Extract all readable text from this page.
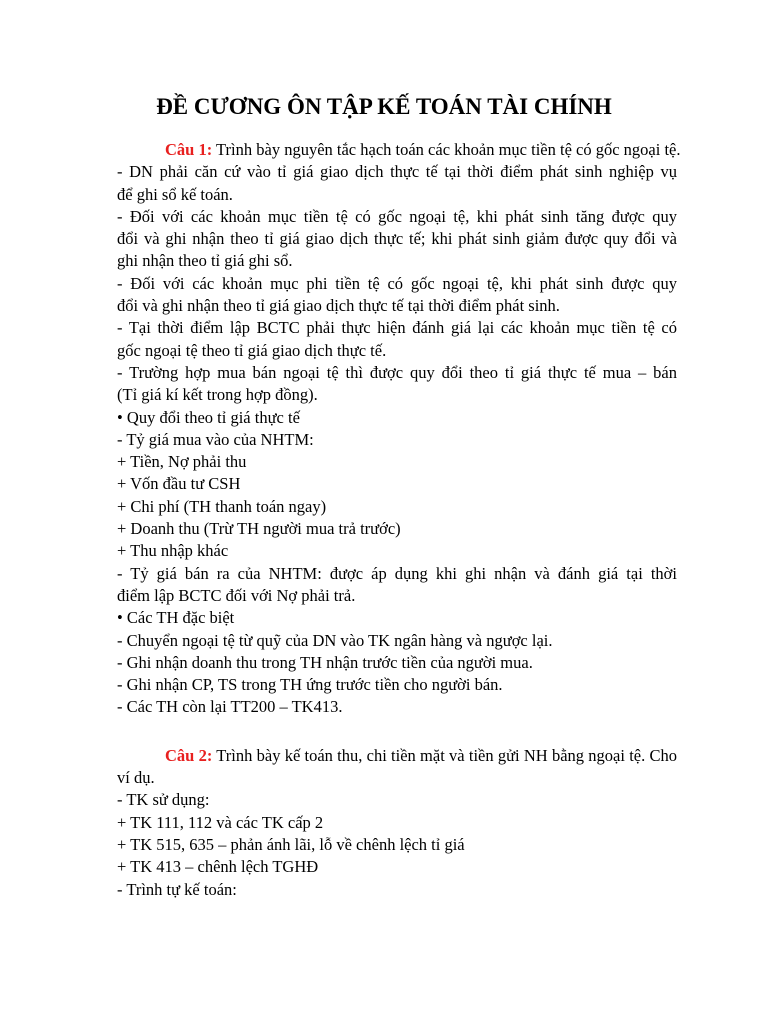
ĐỀ CƯƠNG ÔN TẬP KẾ TOÁN TÀI CHÍNH
Câu 1: Trình bày nguyên tắc hạch toán các khoản mục tiền tệ có gốc ngoại tệ.
- DN phải căn cứ vào tỉ giá giao dịch thực tế tại thời điểm phát sinh nghiệp vụ
để ghi sổ kế toán.
- Đối với các khoản mục tiền tệ có gốc ngoại tệ, khi phát sinh tăng được quy
đổi và ghi nhận theo tỉ giá giao dịch thực tế; khi phát sinh giảm được quy đổi và
ghi nhận theo tỉ giá ghi sổ.
- Đối với các khoản mục phi tiền tệ có gốc ngoại tệ, khi phát sinh được quy
đổi và ghi nhận theo tỉ giá giao dịch thực tế tại thời điểm phát sinh.
- Tại thời điểm lập BCTC phải thực hiện đánh giá lại các khoản mục tiền tệ có
gốc ngoại tệ theo tỉ giá giao dịch thực tế.
- Trường hợp mua bán ngoại tệ thì được quy đổi theo tỉ giá thực tế mua – bán
(Tỉ giá kí kết trong hợp đồng).
• Quy đổi theo tỉ giá thực tế
- Tỷ giá mua vào của NHTM:
+ Tiền, Nợ phải thu
+ Vốn đầu tư CSH
+ Chi phí (TH thanh toán ngay)
+ Doanh thu (Trừ TH người mua trả trước)
+ Thu nhập khác
- Tỷ giá bán ra của NHTM: được áp dụng khi ghi nhận và đánh giá tại thời
điểm lập BCTC đối với Nợ phải trả.
• Các TH đặc biệt
- Chuyển ngoại tệ từ quỹ của DN vào TK ngân hàng và ngược lại.
- Ghi nhận doanh thu trong TH nhận trước tiền của người mua.
- Ghi nhận CP, TS trong TH ứng trước tiền cho người bán.
- Các TH còn lại TT200 – TK413.
Câu 2: Trình bày kế toán thu, chi tiền mặt và tiền gửi NH bằng ngoại tệ. Cho
ví dụ.
- TK sử dụng:
+ TK 111, 112 và các TK cấp 2
+ TK 515, 635 – phản ánh lãi, lỗ về chênh lệch tỉ giá
+ TK 413 – chênh lệch TGHĐ
- Trình tự kế toán:
